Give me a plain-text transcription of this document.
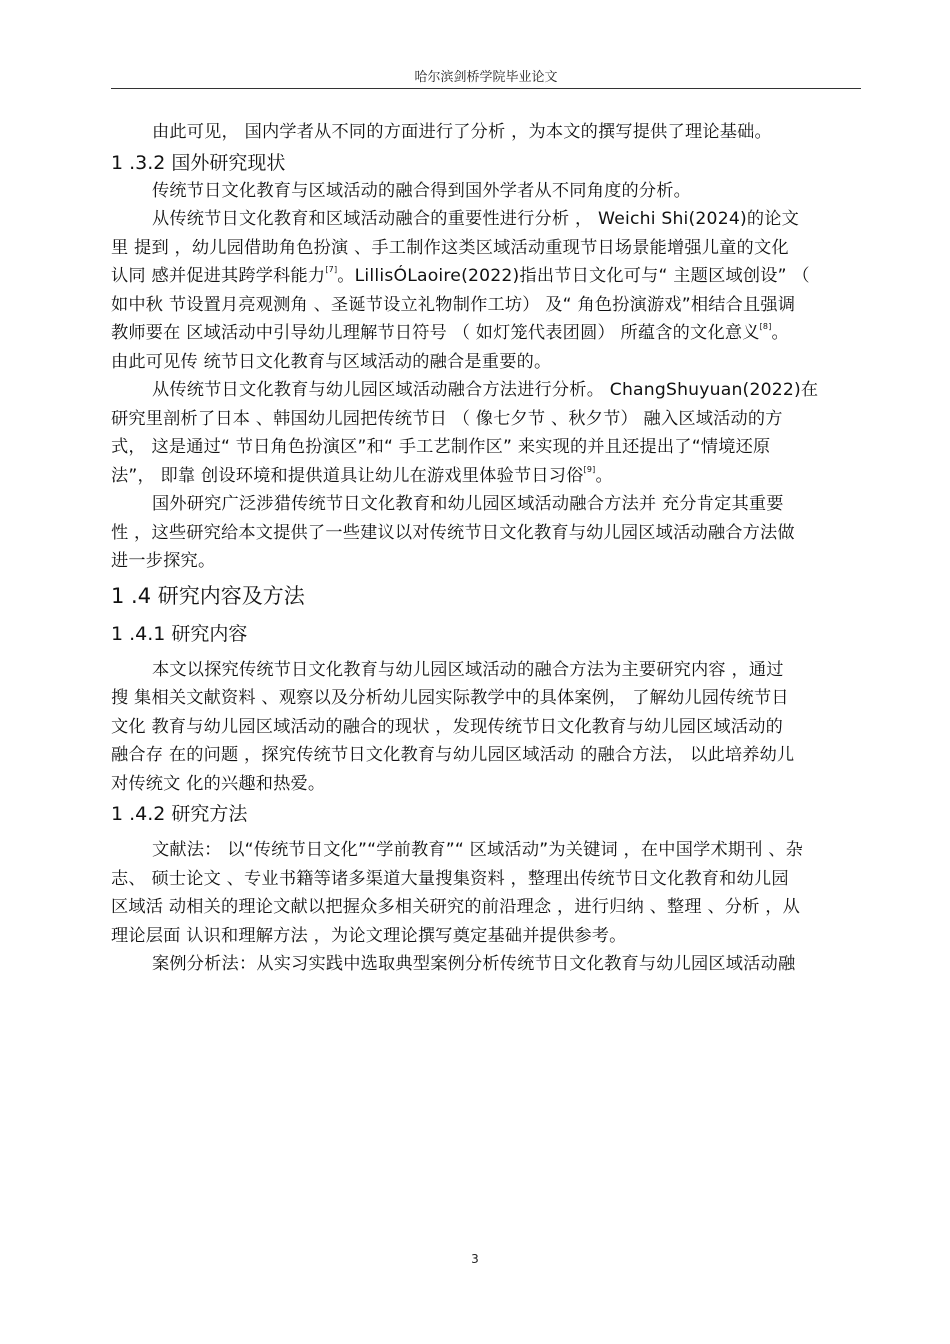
哈尔滨剑桥学院毕业论文
由此可见， 国内学者从不同的方面进行了分析 ，为本文的撰写提供了理论基础。
1 .3.2 国外研究现状
传统节日文化教育与区域活动的融合得到国外学者从不同角度的分析。
从传统节日文化教育和区域活动融合的重要性进行分析 ， Weichi Shi(2024)的论文
里 提到 ，幼儿园借助角色扮演 、手工制作这类区域活动重现节日场景能增强儿童的文化
认同 感并促进其跨学科能力[7]。LillisÓLaoire(2022)指出节日文化可与“ 主题区域创设” （
如中秋 节设置月亮观测角 、圣诞节设立礼物制作工坊） 及“ 角色扮演游戏”相结合且强调
教师要在 区域活动中引导幼儿理解节日符号 （ 如灯笼代表团圆） 所蕴含的文化意义[8]。
由此可见传 统节日文化教育与区域活动的融合是重要的。
从传统节日文化教育与幼儿园区域活动融合方法进行分析。 ChangShuyuan(2022)在
研究里剖析了日本 、韩国幼儿园把传统节日 （ 像七夕节 、秋夕节） 融入区域活动的方
式， 这是通过“ 节日角色扮演区”和“ 手工艺制作区” 来实现的并且还提出了“情境还原
法”， 即靠 创设环境和提供道具让幼儿在游戏里体验节日习俗[9]。
国外研究广泛涉猎传统节日文化教育和幼儿园区域活动融合方法并 充分肯定其重要
性 ，这些研究给本文提供了一些建议以对传统节日文化教育与幼儿园区域活动融合方法做
进一步探究。
1 .4 研究内容及方法
1 .4.1 研究内容
本文以探究传统节日文化教育与幼儿园区域活动的融合方法为主要研究内容 ，通过
搜 集相关文献资料 、观察以及分析幼儿园实际教学中的具体案例， 了解幼儿园传统节日
文化 教育与幼儿园区域活动的融合的现状 ，发现传统节日文化教育与幼儿园区域活动的
融合存 在的问题 ，探究传统节日文化教育与幼儿园区域活动 的融合方法， 以此培养幼儿
对传统文 化的兴趣和热爱。
1 .4.2 研究方法
文献法： 以“传统节日文化”“学前教育”“ 区域活动”为关键词 ，在中国学术期刊 、杂
志、 硕士论文 、专业书籍等诸多渠道大量搜集资料 ，整理出传统节日文化教育和幼儿园
区域活 动相关的理论文献以把握众多相关研究的前沿理念 ，进行归纳 、整理 、分析 ，从
理论层面 认识和理解方法 ，为论文理论撰写奠定基础并提供参考。
案例分析法：从实习实践中选取典型案例分析传统节日文化教育与幼儿园区域活动融
3
